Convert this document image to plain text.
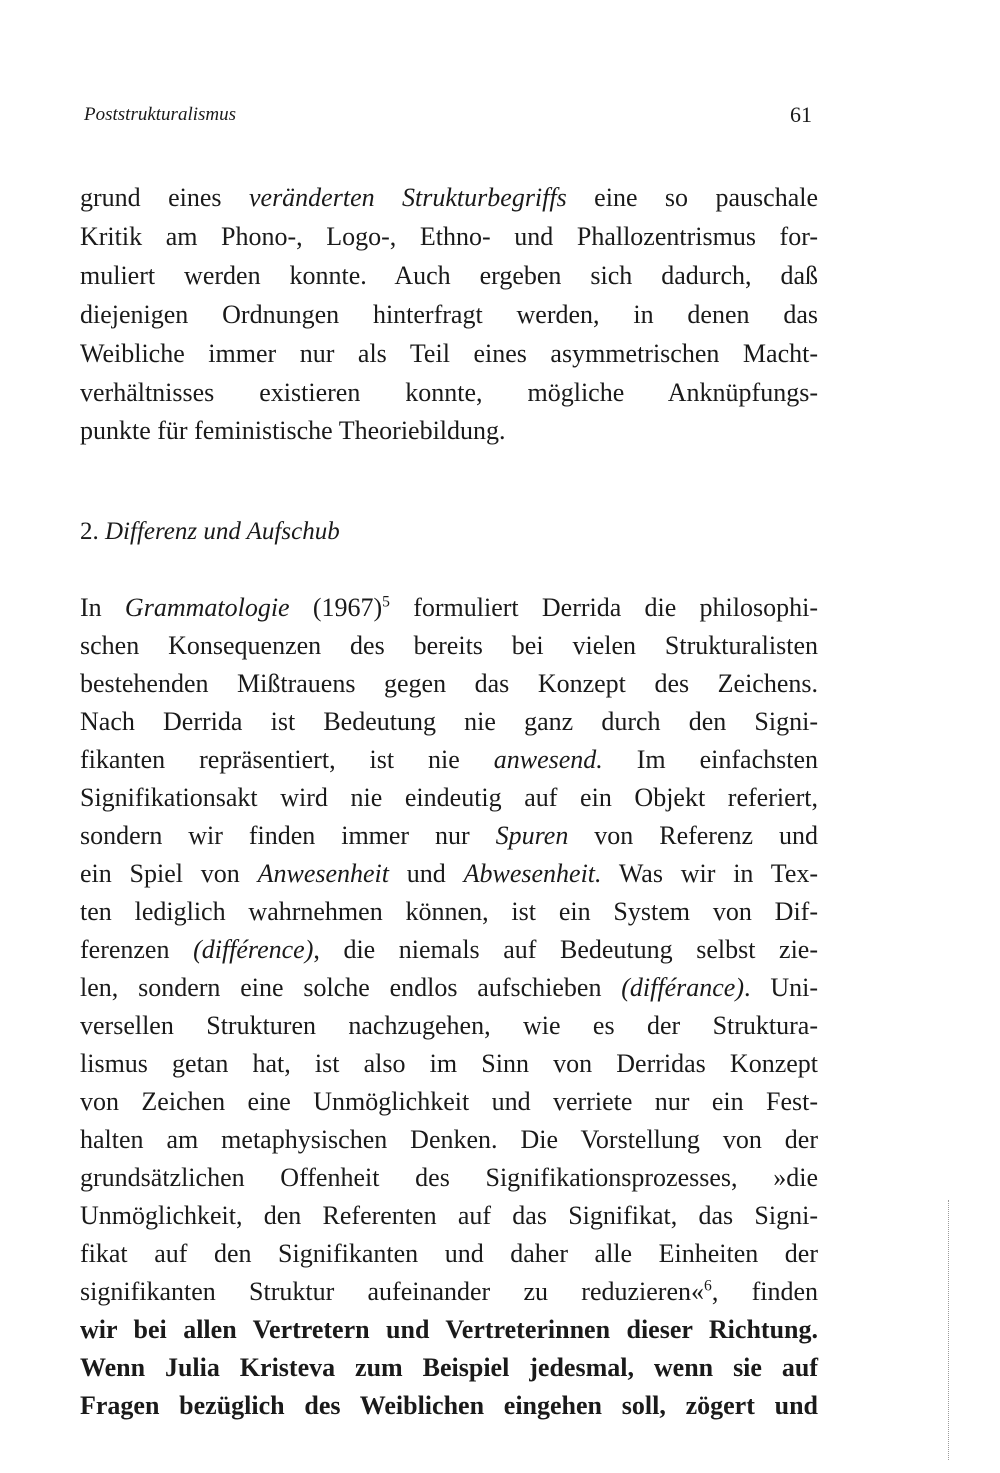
Poststrukturalismus	61
grund eines veränderten Strukturbegriffs eine so pauschale
Kritik am Phono-, Logo-, Ethno- und Phallozentrismus for-
muliert werden konnte. Auch ergeben sich dadurch, daß
diejenigen Ordnungen hinterfragt werden, in denen das
Weibliche immer nur als Teil eines asymmetrischen Macht-
verhältnisses existieren konnte, mögliche Anknüpfungs-
punkte für feministische Theoriebildung.
2. Differenz und Aufschub
In Grammatologie $(1967)^5$ formuliert Derrida die philosophi-
schen Konsequenzen des bereits bei vielen Strukturalisten
bestehenden Mißtrauens gegen das Konzept des Zeichens.
Nach Derrida ist Bedeutung nie ganz durch den Signi-
fikanten repräsentiert, ist nie anwesend. Im einfachsten
Signifikationsakt wird nie eindeutig auf ein Objekt referiert,
sondern wir finden immer nur Spuren von Referenz und
ein Spiel von Anwesenheit und Abwesenheit. Was wir in Tex-
ten lediglich wahrnehmen können, ist ein System von Dif-
ferenzen (différence), die niemals auf Bedeutung selbst zie-
len, sondern eine solche endlos aufschieben (différance). Uni-
versellen Strukturen nachzugehen, wie es der Struktura-
lismus getan hat, ist also im Sinn von Derridas Konzept
von Zeichen eine Unmöglichkeit und verriete nur ein Fest-
halten am metaphysischen Denken. Die Vorstellung von der
grundsätzlichen Offenheit des Signifikationsprozesses, »die
Unmöglichkeit, den Referenten auf das Signifikat, das Signi-
fikat auf den Signifikanten und daher alle Einheiten der
signifikanten Struktur aufeinander zu reduzieren«$^6$, finden
wir bei allen Vertretern und Vertreterinnen dieser Richtung.
Wenn Julia Kristeva zum Beispiel jedesmal, wenn sie auf
Fragen bezüglich des Weiblichen eingehen soll, zögert und
